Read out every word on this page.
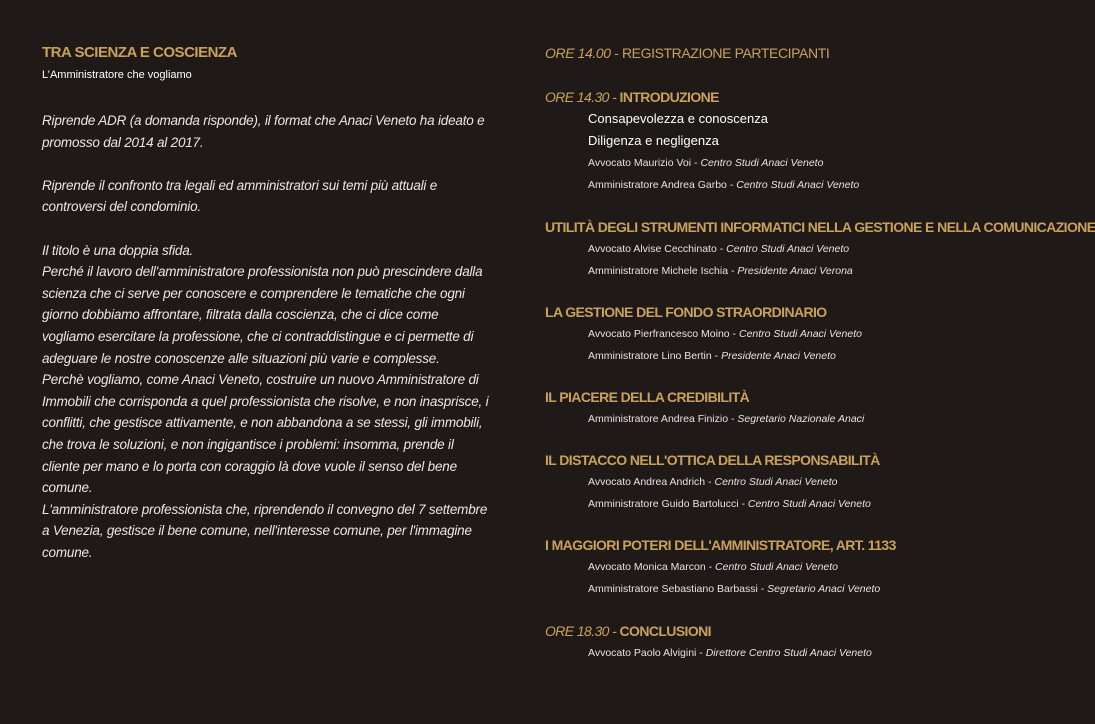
TRA SCIENZA E COSCIENZA
L’Amministratore che vogliamo

Riprende ADR (a domanda risponde), il format che Anaci Veneto ha ideato e promosso dal 2014 al 2017.

Riprende il confronto tra legali ed amministratori sui temi più attuali e controversi del condominio.

Il titolo è una doppia sfida.
Perché il lavoro dell'amministratore professionista non può prescindere dalla scienza che ci serve per conoscere e comprendere le tematiche che ogni giorno dobbiamo affrontare, filtrata dalla coscienza, che ci dice come vogliamo esercitare la professione, che ci contraddistingue e ci permette di adeguare le nostre conoscenze alle situazioni più varie e complesse.
Perchè vogliamo, come Anaci Veneto, costruire un nuovo Amministratore di Immobili che corrisponda a quel professionista che risolve, e non inasprisce, i conflitti, che gestisce attivamente, e non abbandona a se stessi, gli immobili, che trova le soluzioni, e non ingigantisce i problemi: insomma, prende il cliente per mano e lo porta con coraggio là dove vuole il senso del bene comune.
L'amministratore professionista che, riprendendo il convegno del 7 settembre a Venezia, gestisce il bene comune, nell'interesse comune, per l'immagine comune.

ORE 14.00 - REGISTRAZIONE PARTECIPANTI
ORE 14.30 - INTRODUZIONE
Consapevolezza e conoscenza
Diligenza e negligenza
Avvocato Maurizio Voi - Centro Studi Anaci Veneto
Amministratore Andrea Garbo - Centro Studi Anaci Veneto
UTILITÀ DEGLI STRUMENTI INFORMATICI NELLA GESTIONE E NELLA COMUNICAZIONE
Avvocato Alvise Cecchinato - Centro Studi Anaci Veneto
Amministratore Michele Ischia - Presidente Anaci Verona
LA GESTIONE DEL FONDO STRAORDINARIO
Avvocato Pierfrancesco Moino - Centro Studi Anaci Veneto
Amministratore Lino Bertin - Presidente Anaci Veneto
IL PIACERE DELLA CREDIBILITÀ
Amministratore Andrea Finizio - Segretario Nazionale Anaci
IL DISTACCO NELL'OTTICA DELLA RESPONSABILITÀ
Avvocato Andrea Andrich - Centro Studi Anaci Veneto
Amministratore Guido Bartolucci - Centro Studi Anaci Veneto
I MAGGIORI POTERI DELL'AMMINISTRATORE, ART. 1133
Avvocato Monica Marcon - Centro Studi Anaci Veneto
Amministratore Sebastiano Barbassi - Segretario Anaci Veneto
ORE 18.30 - CONCLUSIONI
Avvocato Paolo Alvigini - Direttore Centro Studi Anaci Veneto
